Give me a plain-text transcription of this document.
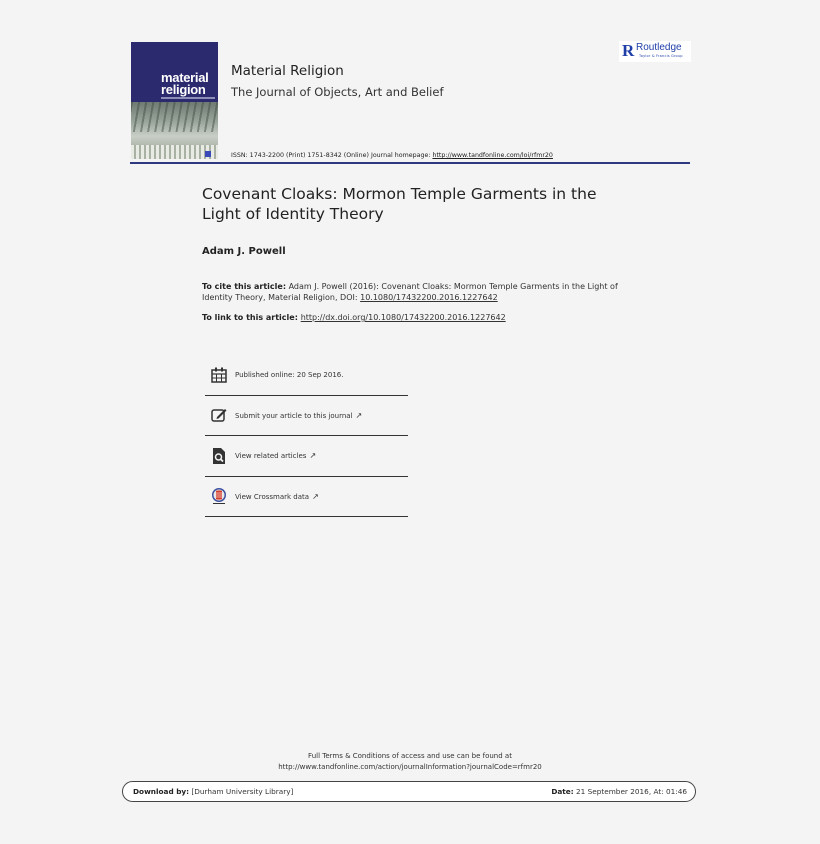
material
religion
Material Religion
The Journal of Objects, Art and Belief
ISSN: 1743-2200 (Print) 1751-8342 (Online) Journal homepage: http://www.tandfonline.com/loi/rfmr20
R Routledge
Taylor & Francis Group
Covenant Cloaks: Mormon Temple Garments in the Light of Identity Theory
Adam J. Powell
To cite this article: Adam J. Powell (2016): Covenant Cloaks: Mormon Temple Garments in the Light of Identity Theory, Material Religion, DOI: 10.1080/17432200.2016.1227642
To link to this article: http://dx.doi.org/10.1080/17432200.2016.1227642
Published online: 20 Sep 2016.
Submit your article to this journal ↗
View related articles ↗
View Crossmark data ↗
Full Terms & Conditions of access and use can be found at
http://www.tandfonline.com/action/journalInformation?journalCode=rfmr20
Download by: [Durham University Library]	Date: 21 September 2016, At: 01:46
